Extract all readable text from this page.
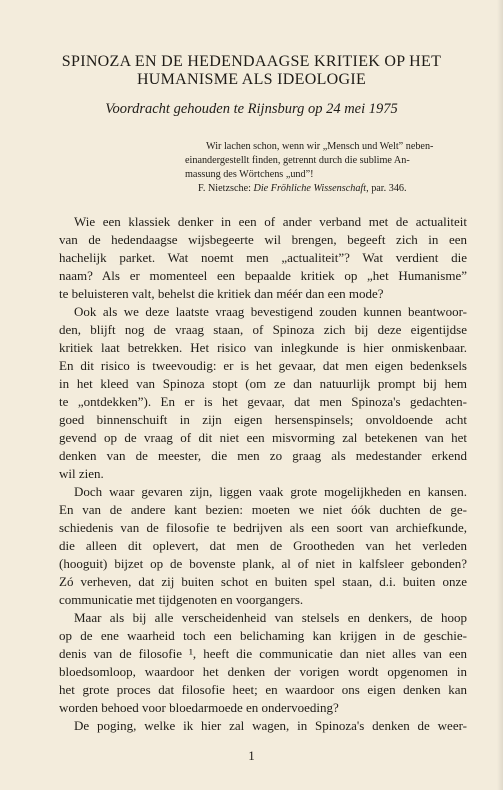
SPINOZA EN DE HEDENDAAGSE KRITIEK OP HET
HUMANISME ALS IDEOLOGIE
Voordracht gehouden te Rijnsburg op 24 mei 1975
Wir lachen schon, wenn wir „Mensch und Welt” neben-
einandergestellt finden, getrennt durch die sublime An-
massung des Wörtchens „und”!
F. Nietzsche: Die Fröhliche Wissenschaft, par. 346.
Wie een klassiek denker in een of ander verband met de actualiteit
van de hedendaagse wijsbegeerte wil brengen, begeeft zich in een
hachelijk parket. Wat noemt men „actualiteit”? Wat verdient die
naam? Als er momenteel een bepaalde kritiek op „het Humanisme”
te beluisteren valt, behelst die kritiek dan méér dan een mode?
Ook als we deze laatste vraag bevestigend zouden kunnen beantwoor-
den, blijft nog de vraag staan, of Spinoza zich bij deze eigentijdse
kritiek laat betrekken. Het risico van inlegkunde is hier onmiskenbaar.
En dit risico is tweevoudig: er is het gevaar, dat men eigen bedenksels
in het kleed van Spinoza stopt (om ze dan natuurlijk prompt bij hem
te „ontdekken”). En er is het gevaar, dat men Spinoza's gedachten-
goed binnenschuift in zijn eigen hersenspinsels; onvoldoende acht
gevend op de vraag of dit niet een misvorming zal betekenen van het
denken van de meester, die men zo graag als medestander erkend
wil zien.
Doch waar gevaren zijn, liggen vaak grote mogelijkheden en kansen.
En van de andere kant bezien: moeten we niet óók duchten de ge-
schiedenis van de filosofie te bedrijven als een soort van archiefkunde,
die alleen dit oplevert, dat men de Grootheden van het verleden
(hooguit) bijzet op de bovenste plank, al of niet in kalfsleer gebonden?
Zó verheven, dat zij buiten schot en buiten spel staan, d.i. buiten onze
communicatie met tijdgenoten en voorgangers.
Maar als bij alle verscheidenheid van stelsels en denkers, de hoop
op de ene waarheid toch een belichaming kan krijgen in de geschie-
denis van de filosofie ¹, heeft die communicatie dan niet alles van een
bloedsomloop, waardoor het denken der vorigen wordt opgenomen in
het grote proces dat filosofie heet; en waardoor ons eigen denken kan
worden behoed voor bloedarmoede en ondervoeding?
De poging, welke ik hier zal wagen, in Spinoza's denken de weer-
1
